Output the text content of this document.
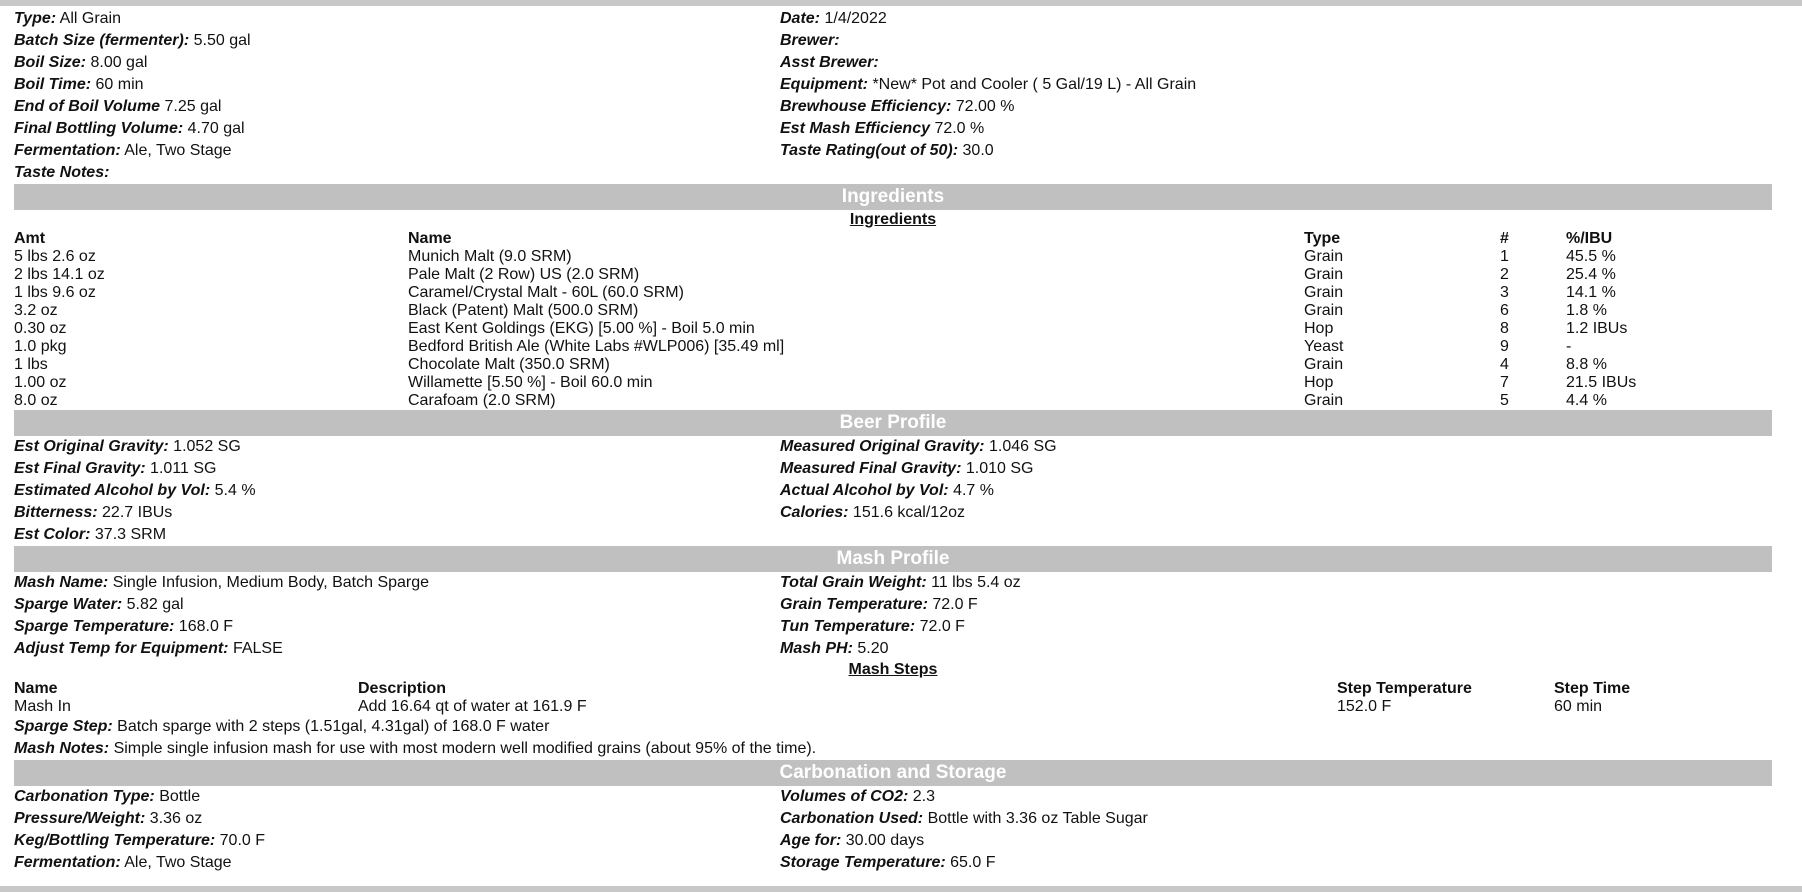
Type: All Grain
Batch Size (fermenter): 5.50 gal
Boil Size: 8.00 gal
Boil Time: 60 min
End of Boil Volume 7.25 gal
Final Bottling Volume: 4.70 gal
Fermentation: Ale, Two Stage
Taste Notes:
Date: 1/4/2022
Brewer:
Asst Brewer:
Equipment: *New* Pot and Cooler ( 5 Gal/19 L) - All Grain
Brewhouse Efficiency: 72.00 %
Est Mash Efficiency 72.0 %
Taste Rating(out of 50): 30.0
Ingredients
Ingredients
Amt	Name	Type	#	%/IBU
5 lbs 2.6 oz	Munich Malt (9.0 SRM)	Grain	1	45.5 %
2 lbs 14.1 oz	Pale Malt (2 Row) US (2.0 SRM)	Grain	2	25.4 %
1 lbs 9.6 oz	Caramel/Crystal Malt - 60L (60.0 SRM)	Grain	3	14.1 %
3.2 oz	Black (Patent) Malt (500.0 SRM)	Grain	6	1.8 %
0.30 oz	East Kent Goldings (EKG) [5.00 %] - Boil 5.0 min	Hop	8	1.2 IBUs
1.0 pkg	Bedford British Ale (White Labs #WLP006) [35.49 ml]	Yeast	9	-
1 lbs	Chocolate Malt (350.0 SRM)	Grain	4	8.8 %
1.00 oz	Willamette [5.50 %] - Boil 60.0 min	Hop	7	21.5 IBUs
8.0 oz	Carafoam (2.0 SRM)	Grain	5	4.4 %
Beer Profile
Est Original Gravity: 1.052 SG
Est Final Gravity: 1.011 SG
Estimated Alcohol by Vol: 5.4 %
Bitterness: 22.7 IBUs
Est Color: 37.3 SRM
Measured Original Gravity: 1.046 SG
Measured Final Gravity: 1.010 SG
Actual Alcohol by Vol: 4.7 %
Calories: 151.6 kcal/12oz
Mash Profile
Mash Name: Single Infusion, Medium Body, Batch Sparge
Sparge Water: 5.82 gal
Sparge Temperature: 168.0 F
Adjust Temp for Equipment: FALSE
Total Grain Weight: 11 lbs 5.4 oz
Grain Temperature: 72.0 F
Tun Temperature: 72.0 F
Mash PH: 5.20
Mash Steps
Name	Description	Step Temperature	Step Time
Mash In	Add 16.64 qt of water at 161.9 F	152.0 F	60 min
Sparge Step: Batch sparge with 2 steps (1.51gal, 4.31gal) of 168.0 F water
Mash Notes: Simple single infusion mash for use with most modern well modified grains (about 95% of the time).
Carbonation and Storage
Carbonation Type: Bottle
Pressure/Weight: 3.36 oz
Keg/Bottling Temperature: 70.0 F
Fermentation: Ale, Two Stage
Volumes of CO2: 2.3
Carbonation Used: Bottle with 3.36 oz Table Sugar
Age for: 30.00 days
Storage Temperature: 65.0 F
